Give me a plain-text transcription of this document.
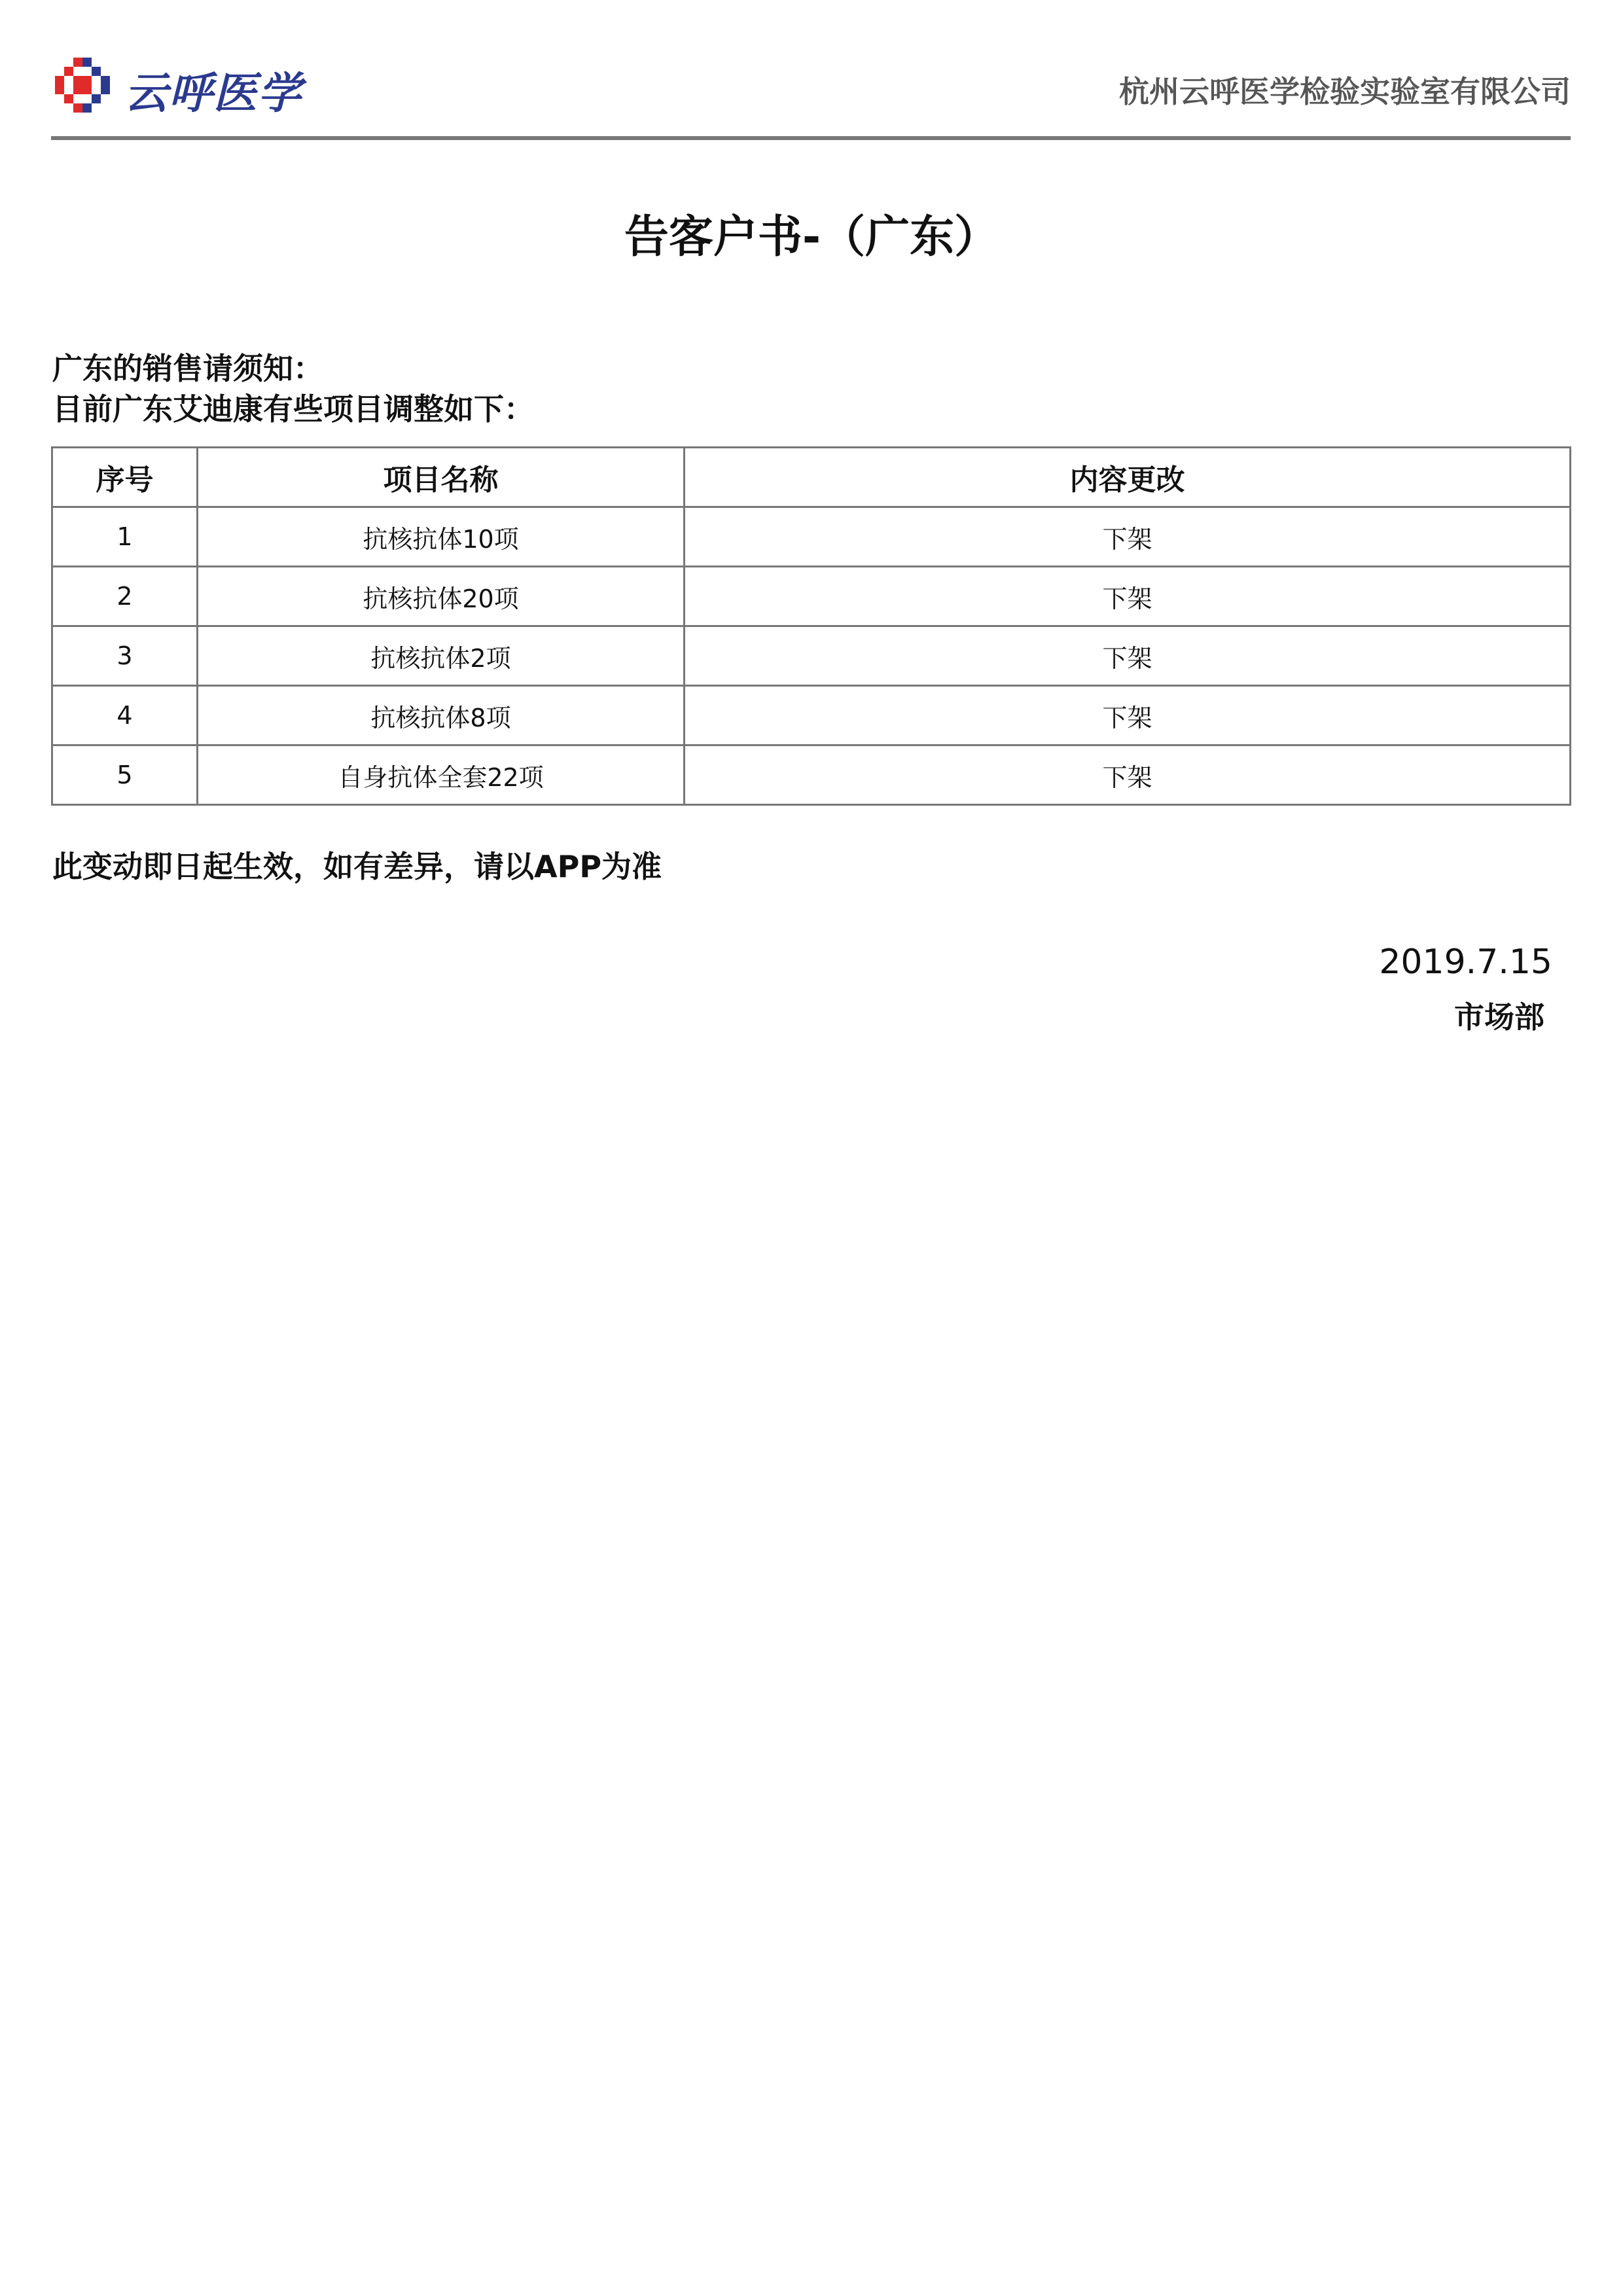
云呼医学	杭州云呼医学检验实验室有限公司
告客户书-（广东）
广东的销售请须知：
目前广东艾迪康有些项目调整如下：
序号	项目名称	内容更改
1	抗核抗体10项	下架
2	抗核抗体20项	下架
3	抗核抗体2项	下架
4	抗核抗体8项	下架
5	自身抗体全套22项	下架
此变动即日起生效，如有差异，请以APP为准
2019.7.15
市场部
